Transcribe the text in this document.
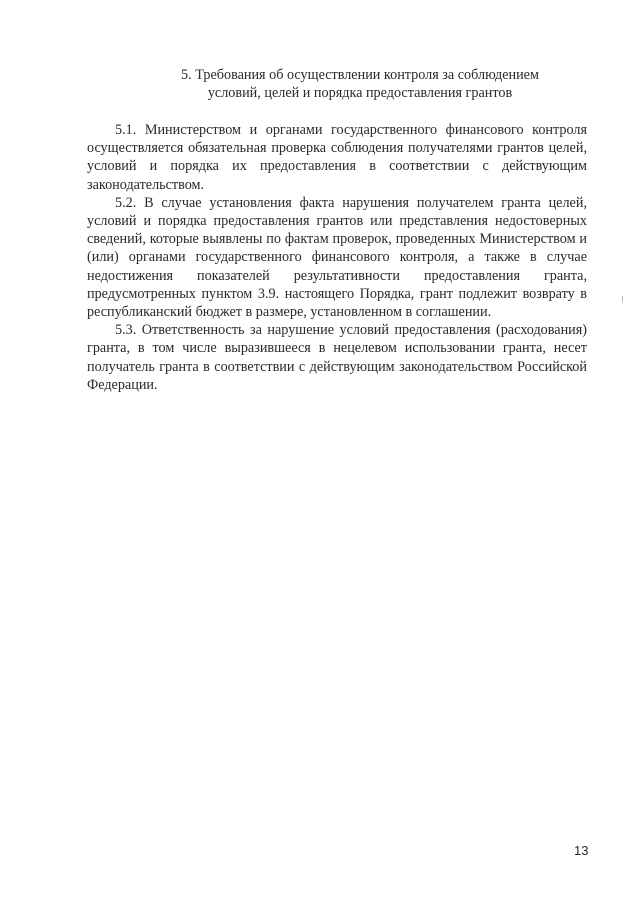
5. Требования об осуществлении контроля за соблюдением
условий, целей и порядка предоставления грантов

5.1. Министерством и органами государственного финансового контроля осуществляется обязательная проверка соблюдения получателями грантов целей, условий и порядка их предоставления в соответствии с действующим законодательством.

5.2. В случае установления факта нарушения получателем гранта целей, условий и порядка предоставления грантов или представления недостоверных сведений, которые выявлены по фактам проверок, проведенных Министерством и (или) органами государственного финансового контроля, а также в случае недостижения показателей результативности предоставления гранта, предусмотренных пунктом 3.9. настоящего Порядка, грант подлежит возврату в республиканский бюджет в размере, установленном в соглашении.

5.3. Ответственность за нарушение условий предоставления (расходования) гранта, в том числе выразившееся в нецелевом использовании гранта, несет получатель гранта в соответствии с действующим законодательством Российской Федерации.

13
